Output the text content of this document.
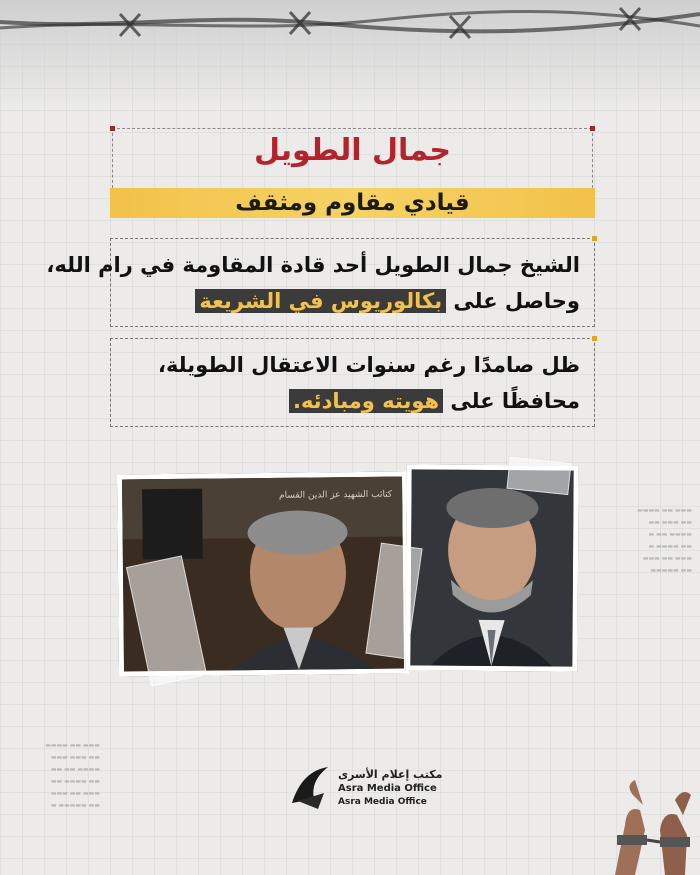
جمال الطويل
قيادي مقاوم ومثقف
الشيخ جمال الطويل أحد قادة المقاومة في رام الله،
وحاصل على بكالوريوس في الشريعة
ظل صامدًا رغم سنوات الاعتقال الطويلة،
محافظًا على هويته ومبادئه.
كتائب الشهيد عز الدين القسام
▬▬▬ ▬▬ ▬▬▬▬
▬▬ ▬▬▬ ▬▬
▬▬▬▬ ▬▬ ▬
▬▬ ▬▬▬▬ ▬
▬▬▬ ▬▬ ▬▬▬
▬▬ ▬▬▬▬▬
▬▬▬ ▬▬ ▬▬▬▬
▬▬ ▬▬▬ ▬▬▬
▬▬▬▬ ▬▬ ▬▬
▬▬ ▬▬▬▬ ▬▬
▬▬▬ ▬▬ ▬▬▬
▬▬ ▬▬▬▬▬ ▬
مكتب إعلام الأسرى
Asra Media Office
Asra Media Office
